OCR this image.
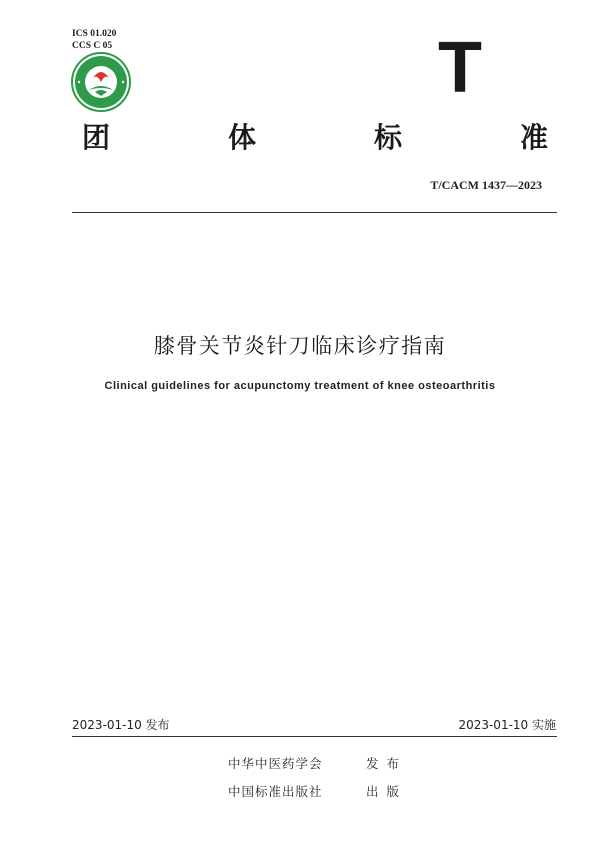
ICS 01.020
CCS C 05	T
团	体	标	准
T/CACM 1437—2023
膝骨关节炎针刀临床诊疗指南
Clinical guidelines for acupunctomy treatment of knee osteoarthritis
2023-01-10 发布	2023-01-10 实施
中华中医药学会	发布
中国标准出版社	出版
